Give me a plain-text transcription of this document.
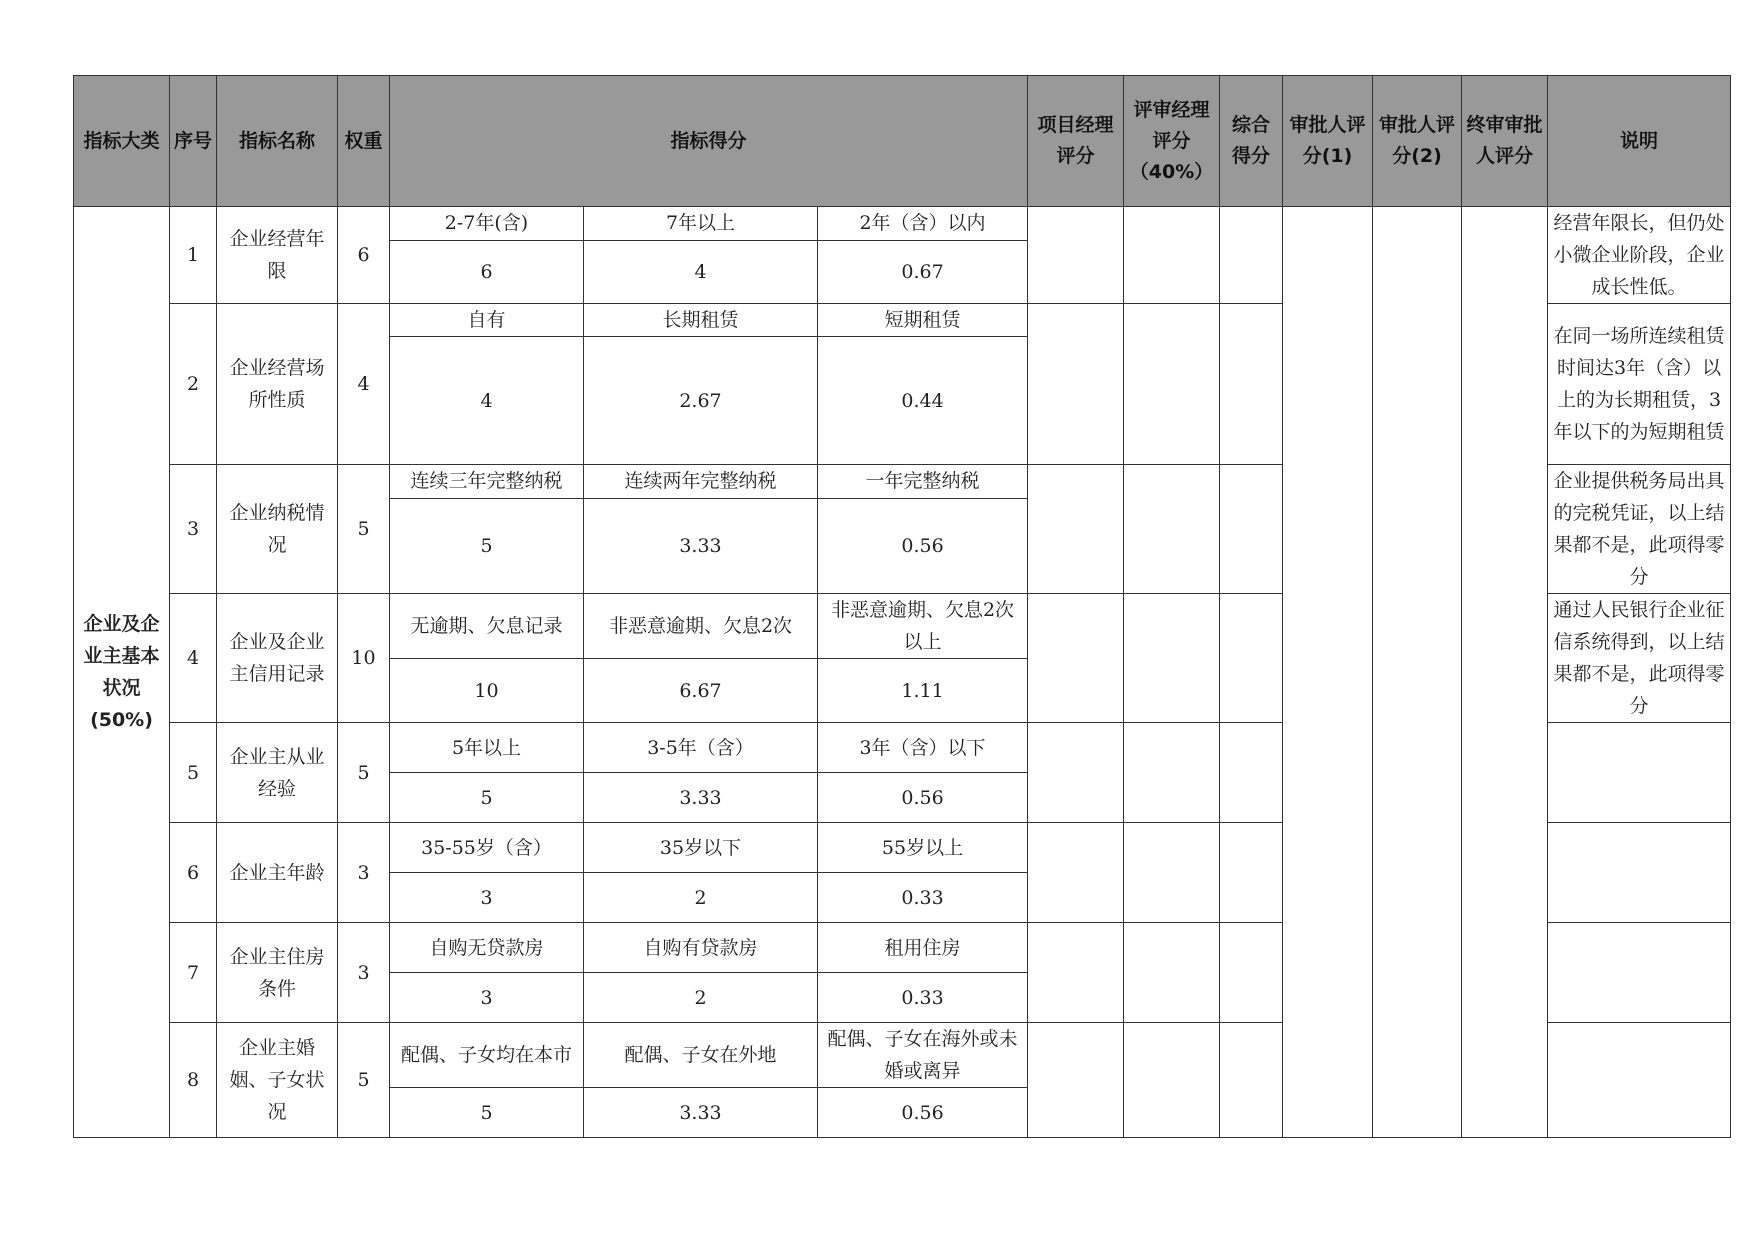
指标大类	序号	指标名称	权重	指标得分			项目经理评分	评审经理评分（40%）	综合得分	审批人评分(1)	审批人评分(2)	终审审批人评分	说明
企业及企业主基本状况(50%)	1	企业经营年限	6	2-7年(含)	7年以上	2年（含）以内							经营年限长，但仍处小微企业阶段，企业成长性低。
				6	4	0.67							
	2	企业经营场所性质	4	自有	长期租赁	短期租赁							在同一场所连续租赁时间达3年（含）以上的为长期租赁，3年以下的为短期租赁
				4	2.67	0.44							
	3	企业纳税情况	5	连续三年完整纳税	连续两年完整纳税	一年完整纳税							企业提供税务局出具的完税凭证，以上结果都不是，此项得零分
				5	3.33	0.56							
	4	企业及企业主信用记录	10	无逾期、欠息记录	非恶意逾期、欠息2次	非恶意逾期、欠息2次以上							通过人民银行企业征信系统得到，以上结果都不是，此项得零分
				10	6.67	1.11							
	5	企业主从业经验	5	5年以上	3-5年（含）	3年（含）以下							
				5	3.33	0.56							
	6	企业主年龄	3	35-55岁（含）	35岁以下	55岁以上							
				3	2	0.33							
	7	企业主住房条件	3	自购无贷款房	自购有贷款房	租用住房							
				3	2	0.33							
	8	企业主婚姻、子女状况	5	配偶、子女均在本市	配偶、子女在外地	配偶、子女在海外或未婚或离异							
				5	3.33	0.56							
